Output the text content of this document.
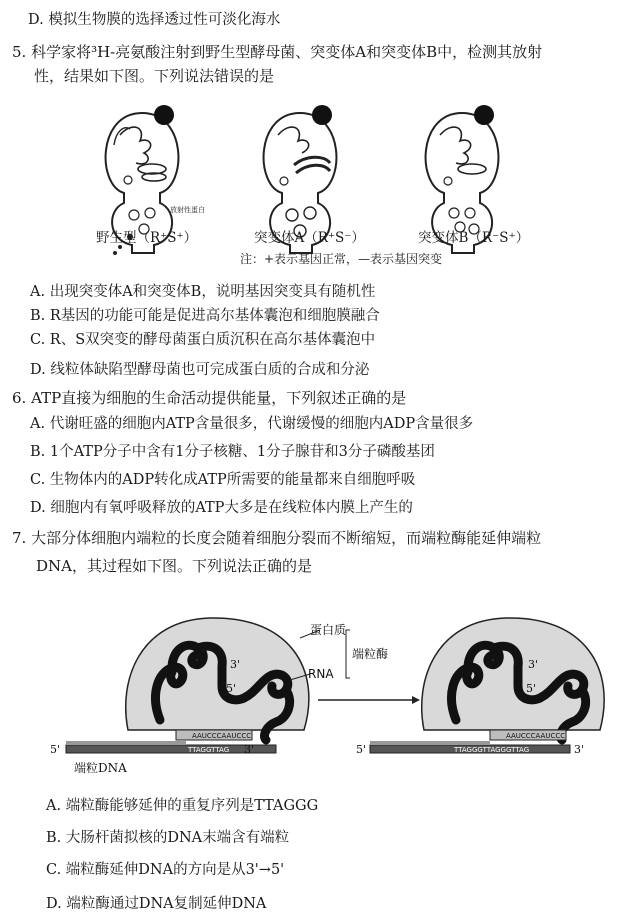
D. 模拟生物膜的选择透过性可淡化海水
5. 科学家将³H-亮氨酸注射到野生型酵母菌、突变体A和突变体B中，检测其放射
性，结果如下图。下列说法错误的是
放射性蛋白
野生型（R⁺S⁺）	突变体A（R⁺S⁻）	突变体B（R⁻S⁺）
注：+表示基因正常，—表示基因突变
A. 出现突变体A和突变体B，说明基因突变具有随机性
B. R基因的功能可能是促进高尔基体囊泡和细胞膜融合
C. R、S双突变的酵母菌蛋白质沉积在高尔基体囊泡中
D. 线粒体缺陷型酵母菌也可完成蛋白质的合成和分泌
6. ATP直接为细胞的生命活动提供能量，下列叙述正确的是
A. 代谢旺盛的细胞内ATP含量很多，代谢缓慢的细胞内ADP含量很多
B. 1个ATP分子中含有1分子核糖、1分子腺苷和3分子磷酸基团
C. 生物体内的ADP转化成ATP所需要的能量都来自细胞呼吸
D. 细胞内有氧呼吸释放的ATP大多是在线粒体内膜上产生的
7. 大部分体细胞内端粒的长度会随着细胞分裂而不断缩短，而端粒酶能延伸端粒
DNA，其过程如下图。下列说法正确的是
AAUCCCAAUCCC
TTAGGTTAG
5'	3'
3'
5'
蛋白质
RNA
端粒酶
AAUCCCAAUCCC
TTAGGGTTAGGGTTAG
5'	3'
3'
5'
端粒DNA
A. 端粒酶能够延伸的重复序列是TTAGGG
B. 大肠杆菌拟核的DNA末端含有端粒
C. 端粒酶延伸DNA的方向是从3'→5'
D. 端粒酶通过DNA复制延伸DNA
